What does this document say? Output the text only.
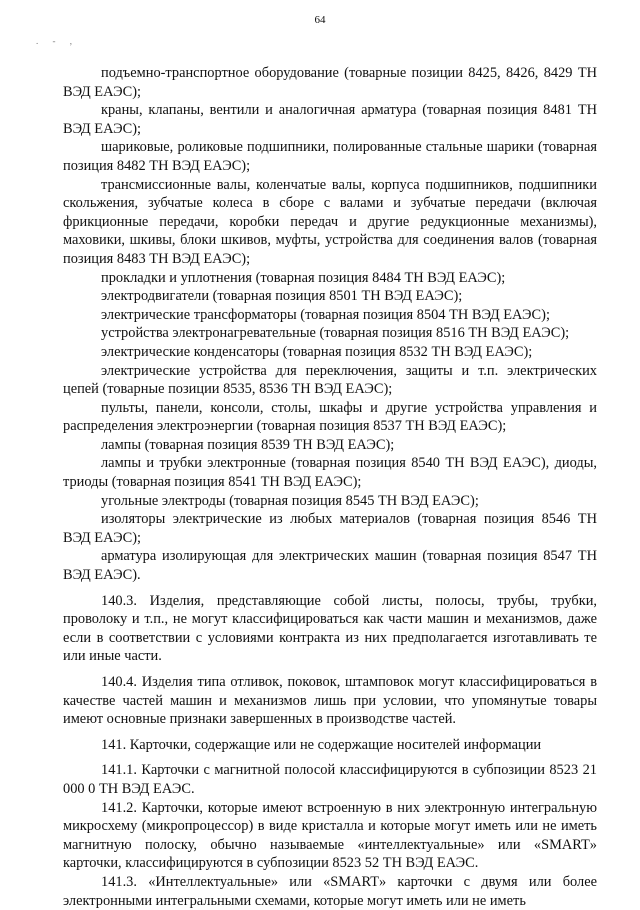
64
. - ,

подъемно-транспортное оборудование (товарные позиции 8425, 8426, 8429 ТН ВЭД ЕАЭС);

краны, клапаны, вентили и аналогичная арматура (товарная позиция 8481 ТН ВЭД ЕАЭС);

шариковые, роликовые подшипники, полированные стальные шарики (товарная позиция 8482 ТН ВЭД ЕАЭС);

трансмиссионные валы, коленчатые валы, корпуса подшипников, подшипники скольжения, зубчатые колеса в сборе с валами и зубчатые передачи (включая фрикционные передачи, коробки передач и другие редукционные механизмы), маховики, шкивы, блоки шкивов, муфты, устройства для соединения валов (товарная позиция 8483 ТН ВЭД ЕАЭС);

прокладки и уплотнения (товарная позиция 8484 ТН ВЭД ЕАЭС);

электродвигатели (товарная позиция 8501 ТН ВЭД ЕАЭС);

электрические трансформаторы (товарная позиция 8504 ТН ВЭД ЕАЭС);

устройства электронагревательные (товарная позиция 8516 ТН ВЭД ЕАЭС);

электрические конденсаторы (товарная позиция 8532 ТН ВЭД ЕАЭС);

электрические устройства для переключения, защиты и т.п. электрических цепей (товарные позиции 8535, 8536 ТН ВЭД ЕАЭС);

пульты, панели, консоли, столы, шкафы и другие устройства управления и распределения электроэнергии (товарная позиция 8537 ТН ВЭД ЕАЭС);

лампы (товарная позиция 8539 ТН ВЭД ЕАЭС);

лампы и трубки электронные (товарная позиция 8540 ТН ВЭД ЕАЭС), диоды, триоды (товарная позиция 8541 ТН ВЭД ЕАЭС);

угольные электроды (товарная позиция 8545 ТН ВЭД ЕАЭС);

изоляторы электрические из любых материалов (товарная позиция 8546 ТН ВЭД ЕАЭС);

арматура изолирующая для электрических машин (товарная позиция 8547 ТН ВЭД ЕАЭС).

140.3. Изделия, представляющие собой листы, полосы, трубы, трубки, проволоку и т.п., не могут классифицироваться как части машин и механизмов, даже если в соответствии с условиями контракта из них предполагается изготавливать те или иные части.

140.4. Изделия типа отливок, поковок, штамповок могут классифицироваться в качестве частей машин и механизмов лишь при условии, что упомянутые товары имеют основные признаки завершенных в производстве частей.

141. Карточки, содержащие или не содержащие носителей информации

141.1. Карточки с магнитной полосой классифицируются в субпозиции 8523 21 000 0 ТН ВЭД ЕАЭС.

141.2. Карточки, которые имеют встроенную в них электронную интегральную микросхему (микропроцессор) в виде кристалла и которые могут иметь или не иметь магнитную полоску, обычно называемые «интеллектуальные» или «SMART» карточки, классифицируются в субпозиции 8523 52 ТН ВЭД ЕАЭС.

141.3. «Интеллектуальные» или «SMART» карточки с двумя или более электронными интегральными схемами, которые могут иметь или не иметь
